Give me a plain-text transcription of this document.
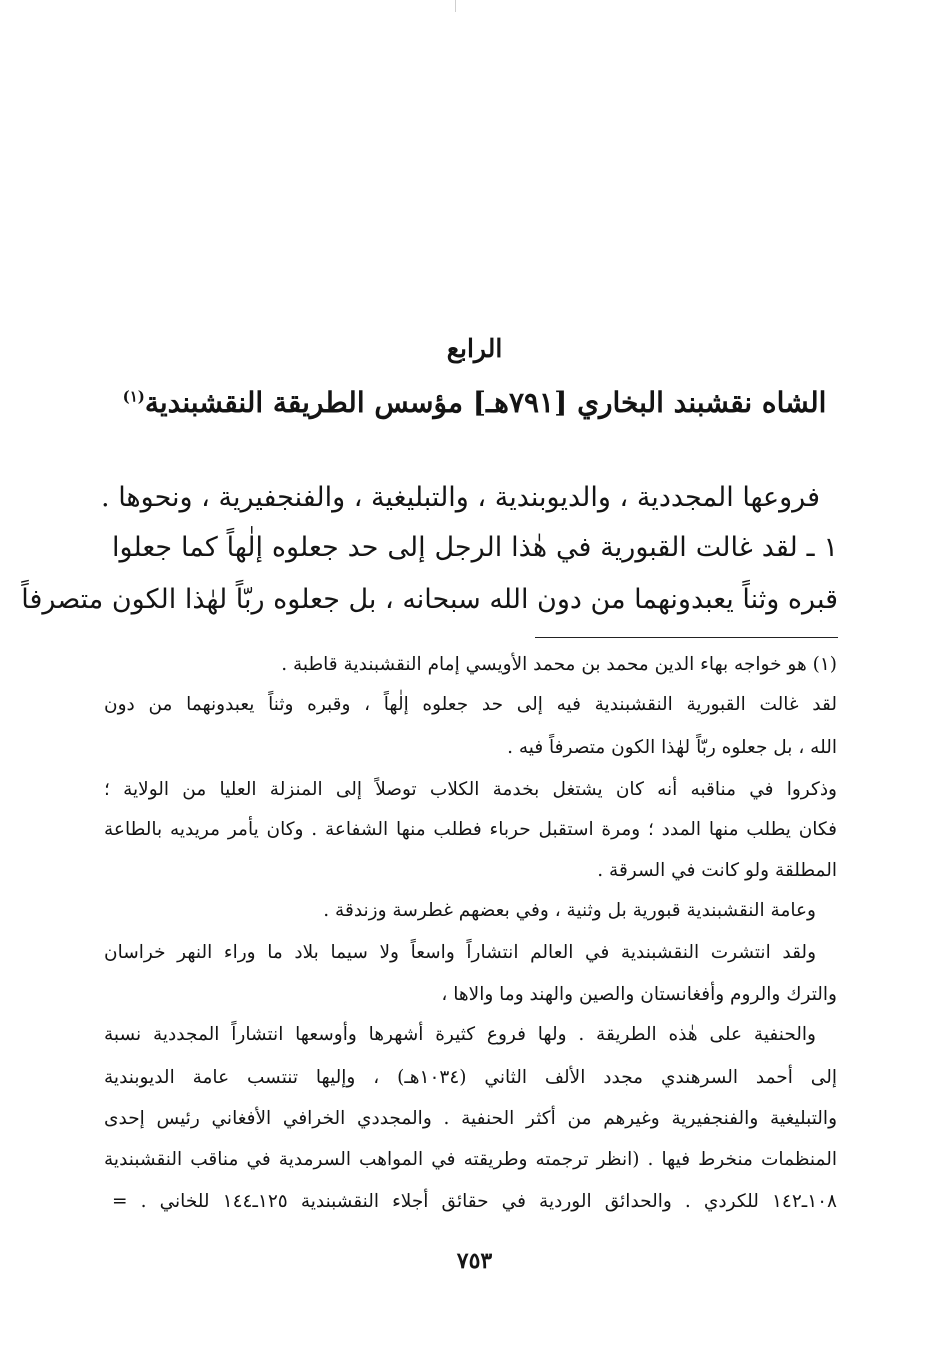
الرابع
الشاه نقشبند البخاري [٧٩١هـ] مؤسس الطريقة النقشبندية$^{(١)}$
فروعها المجددية ، والديوبندية ، والتبليغية ، والفنجفيرية ، ونحوها .
١ ـ لقد غالت القبورية في هٰذا الرجل إلى حد جعلوه إلٰهاً كما جعلوا
قبره وثناً يعبدونهما من دون الله سبحانه ، بل جعلوه ربّاً لهٰذا الكون متصرفاً
(١) هو خواجه بهاء الدين محمد بن محمد الأويسي إمام النقشبندية قاطبة .
لقد غالت القبورية النقشبندية فيه إلى حد جعلوه إلٰهاً ، وقبره وثناً يعبدونهما من دون
الله ، بل جعلوه ربّاً لهٰذا الكون متصرفاً فيه .
وذكروا في مناقبه أنه كان يشتغل بخدمة الكلاب توصلاً إلى المنزلة العليا من الولاية ؛
فكان يطلب منها المدد ؛ ومرة استقبل حرباء فطلب منها الشفاعة . وكان يأمر مريديه بالطاعة
المطلقة ولو كانت في السرقة .
وعامة النقشبندية قبورية بل وثنية ، وفي بعضهم غطرسة وزندقة .
ولقد انتشرت النقشبندية في العالم انتشاراً واسعاً ولا سيما بلاد ما وراء النهر خراسان
والترك والروم وأفغانستان والصين والهند وما والاها ،
والحنفية على هٰذه الطريقة . ولها فروع كثيرة أشهرها وأوسعها انتشاراً المجددية نسبة
إلى أحمد السرهندي مجدد الألف الثاني (١٠٣٤هـ) ، وإليها تنتسب عامة الديوبندية
والتبليغية والفنجفيرية وغيرهم من أكثر الحنفية . والمجددي الخرافي الأفغاني رئيس إحدى
المنظمات منخرط فيها . (انظر ترجمته وطريقته في المواهب السرمدية في مناقب النقشبندية
١٠٨ـ١٤٢ للكردي . والحدائق الوردية في حقائق أجلاء النقشبندية ١٢٥ـ١٤٤ للخاني . =
٧٥٣
